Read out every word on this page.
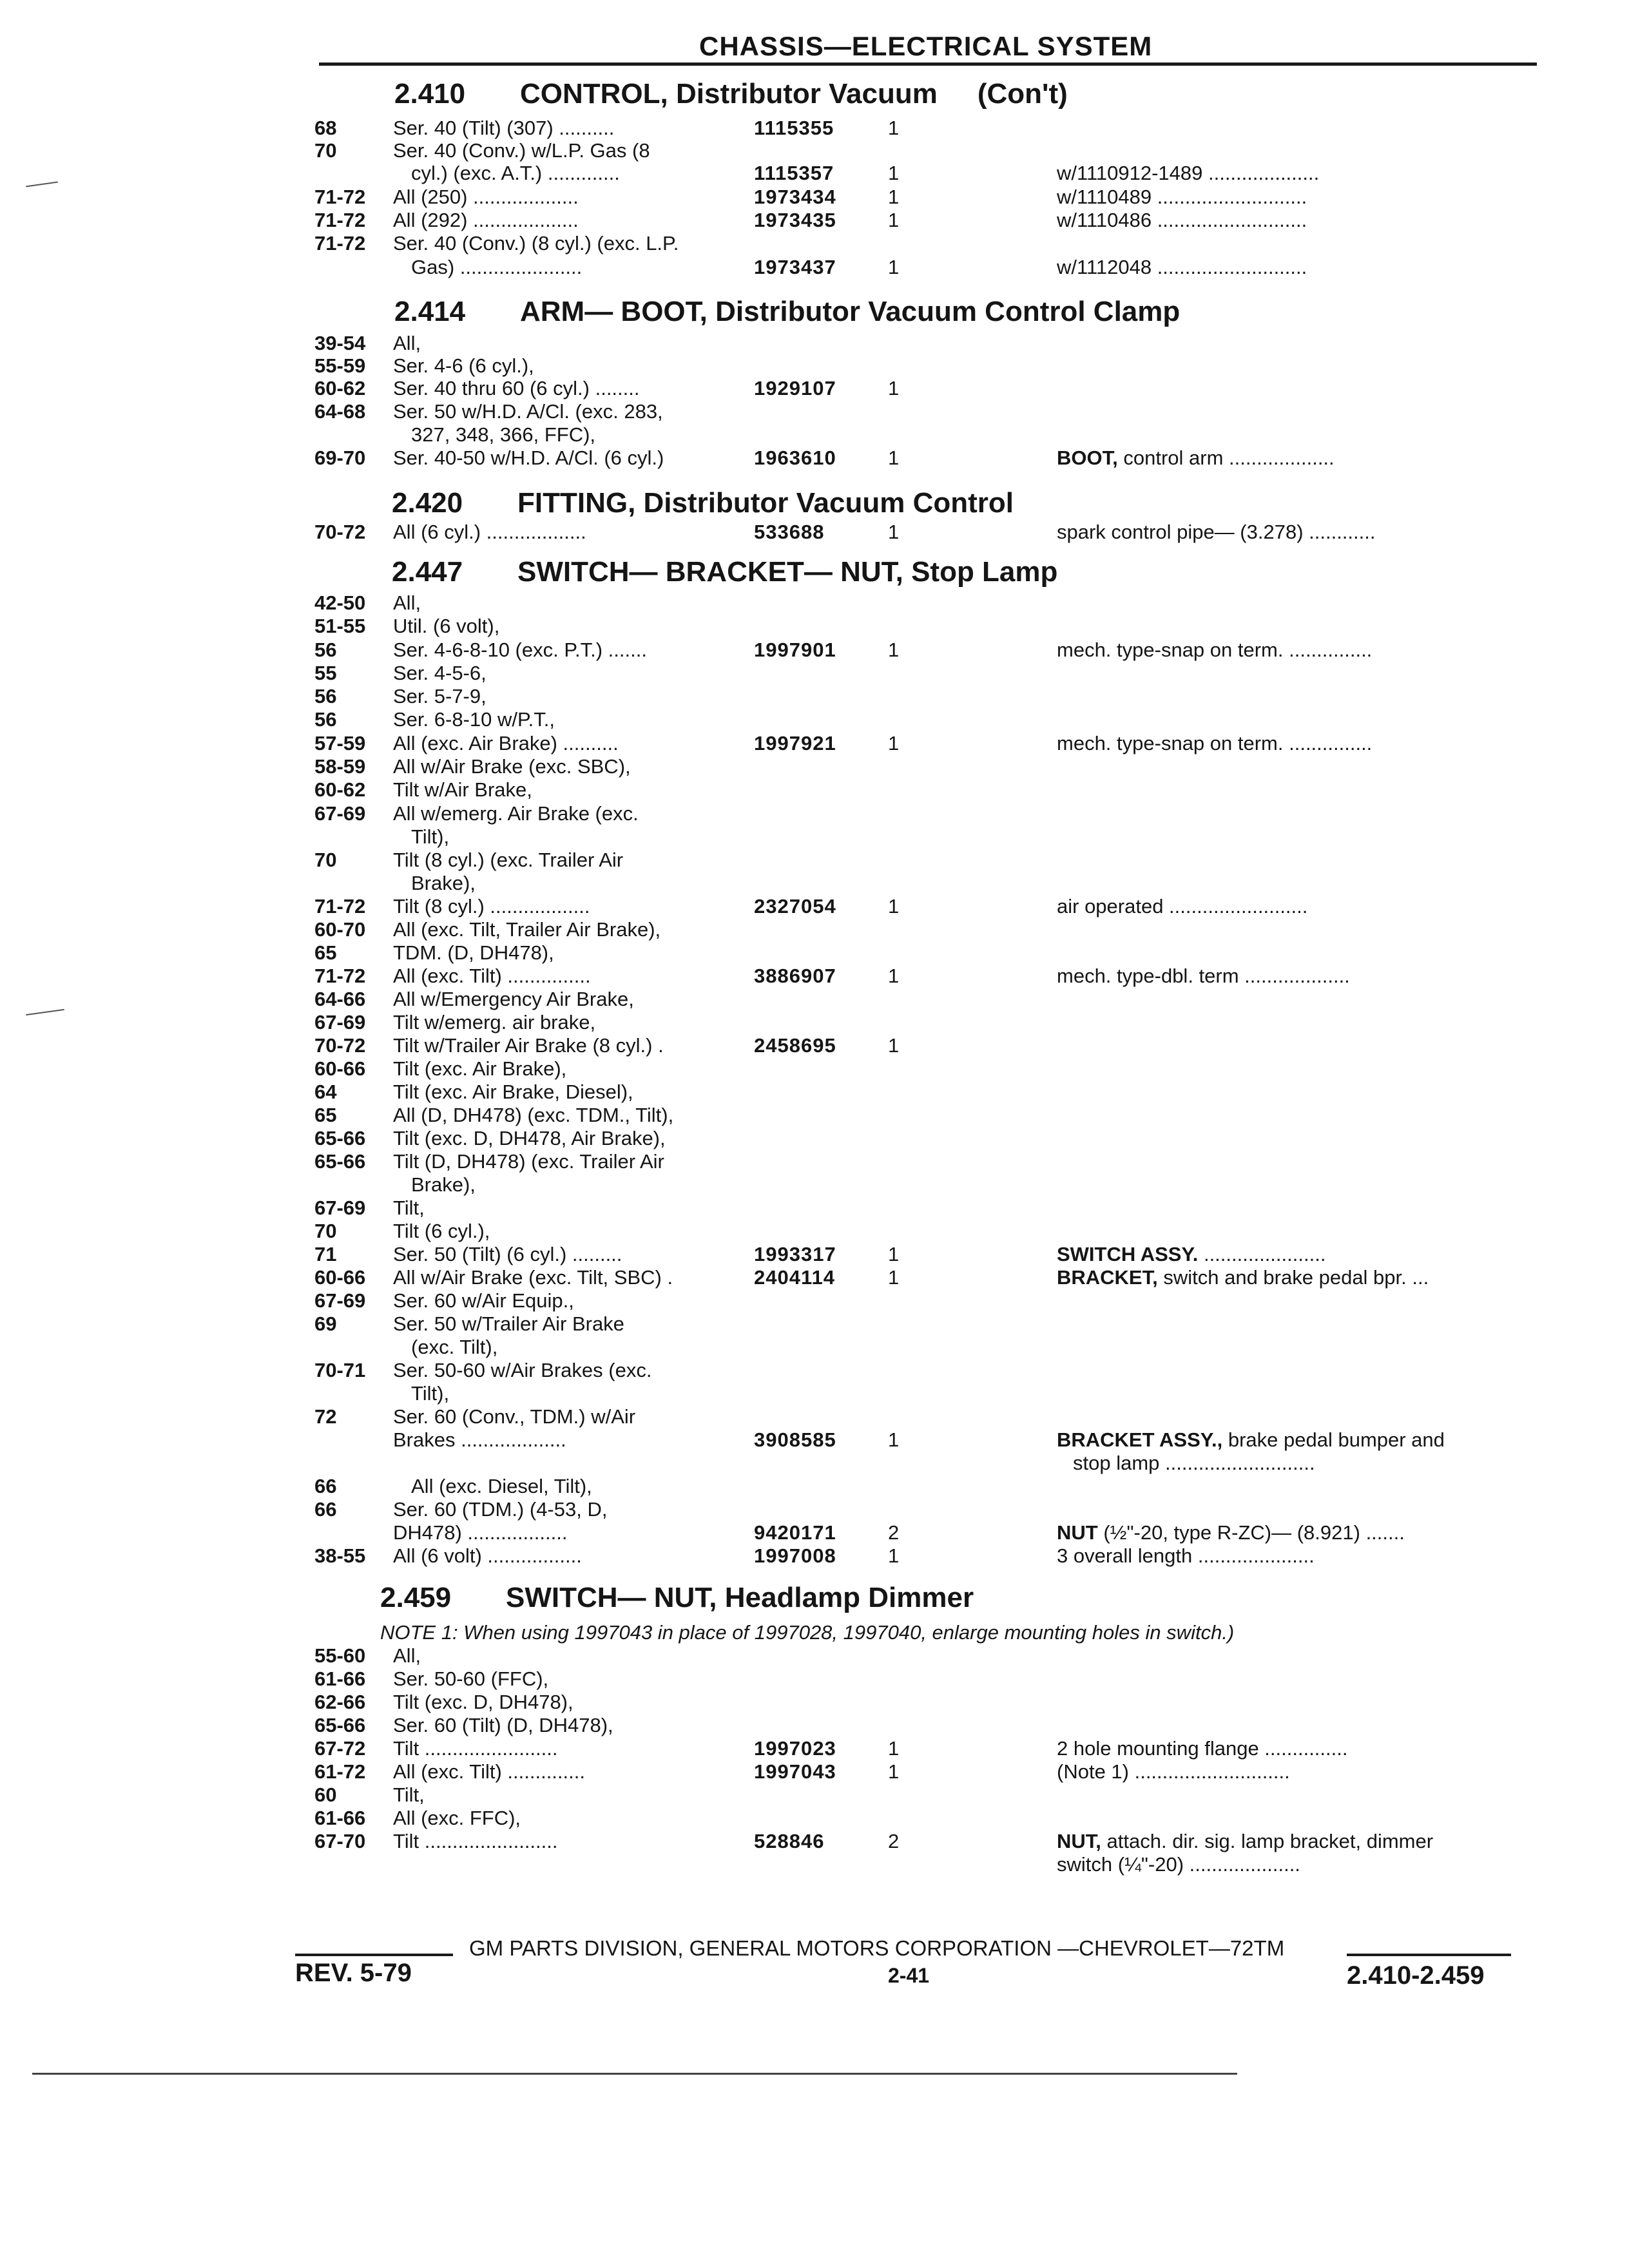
CHASSIS—ELECTRICAL SYSTEM
2.410 CONTROL, Distributor Vacuum (Con't)
2.414 ARM— BOOT, Distributor Vacuum Control Clamp
2.420 FITTING, Distributor Vacuum Control
2.447 SWITCH— BRACKET— NUT, Stop Lamp
2.459 SWITCH— NUT, Headlamp Dimmer
NOTE 1: When using 1997043 in place of 1997028, 1997040, enlarge mounting holes in switch.)
68	Ser. 40 (Tilt) (307) ..........	1115355	1
70	Ser. 40 (Conv.) w/L.P. Gas (8
cyl.) (exc. A.T.) .............	1115357	1	w/1110912-1489 ....................
71-72 All (250) ...................	1973434	1	w/1110489 ...........................
71-72 All (292) ...................	1973435	1	w/1110486 ...........................
71-72 Ser. 40 (Conv.) (8 cyl.) (exc. L.P.
Gas) ......................	1973437	1	w/1112048 ...........................
39-54 All,
55-59 Ser. 4-6 (6 cyl.),
60-62 Ser. 40 thru 60 (6 cyl.) ........	1929107	1
64-68 Ser. 50 w/H.D. A/Cl. (exc. 283,
327, 348, 366, FFC),
69-70 Ser. 40-50 w/H.D. A/Cl. (6 cyl.)	1963610	1	BOOT, control arm ...................
70-72 All (6 cyl.) ..................	533688	1	spark control pipe— (3.278) ............
42-50 All,
51-55 Util. (6 volt),
56	Ser. 4-6-8-10 (exc. P.T.) .......	1997901	1	mech. type-snap on term. ...............
55	Ser. 4-5-6,
56	Ser. 5-7-9,
56	Ser. 6-8-10 w/P.T.,
57-59 All (exc. Air Brake) ..........	1997921	1	mech. type-snap on term. ...............
58-59 All w/Air Brake (exc. SBC),
60-62 Tilt w/Air Brake,
67-69 All w/emerg. Air Brake (exc.
Tilt),
70	Tilt (8 cyl.) (exc. Trailer Air
Brake),
71-72 Tilt (8 cyl.) ..................	2327054	1	air operated .........................
60-70 All (exc. Tilt, Trailer Air Brake),
65	TDM. (D, DH478),
71-72 All (exc. Tilt) ...............	3886907	1	mech. type-dbl. term ...................
64-66 All w/Emergency Air Brake,
67-69 Tilt w/emerg. air brake,
70-72 Tilt w/Trailer Air Brake (8 cyl.) .	2458695	1
60-66 Tilt (exc. Air Brake),
64	Tilt (exc. Air Brake, Diesel),
65	All (D, DH478) (exc. TDM., Tilt),
65-66 Tilt (exc. D, DH478, Air Brake),
65-66 Tilt (D, DH478) (exc. Trailer Air
Brake),
67-69 Tilt,
70	Tilt (6 cyl.),
71	Ser. 50 (Tilt) (6 cyl.) .........	1993317	1	SWITCH ASSY. ......................
60-66 All w/Air Brake (exc. Tilt, SBC) .	2404114	1	BRACKET, switch and brake pedal bpr. ...
67-69 Ser. 60 w/Air Equip.,
69	Ser. 50 w/Trailer Air Brake
(exc. Tilt),
70-71 Ser. 50-60 w/Air Brakes (exc.
Tilt),
72	Ser. 60 (Conv., TDM.) w/Air
Brakes ...................	3908585	1	BRACKET ASSY., brake pedal bumper and
stop lamp ...........................
66	All (exc. Diesel, Tilt),
66	Ser. 60 (TDM.) (4-53, D,
DH478) ..................	9420171	2	NUT (½"-20, type R-ZC)— (8.921) .......
38-55 All (6 volt) .................	1997008	1	3 overall length .....................
55-60 All,
61-66 Ser. 50-60 (FFC),
62-66 Tilt (exc. D, DH478),
65-66 Ser. 60 (Tilt) (D, DH478),
67-72 Tilt ........................	1997023	1	2 hole mounting flange ...............
61-72 All (exc. Tilt) ..............	1997043	1	(Note 1) ............................
60	Tilt,
61-66 All (exc. FFC),
67-70 Tilt ........................	528846	2	NUT, attach. dir. sig. lamp bracket, dimmer
switch (¼"-20) ....................
GM PARTS DIVISION, GENERAL MOTORS CORPORATION —CHEVROLET—72TM
REV. 5-79	2-41	2.410-2.459
